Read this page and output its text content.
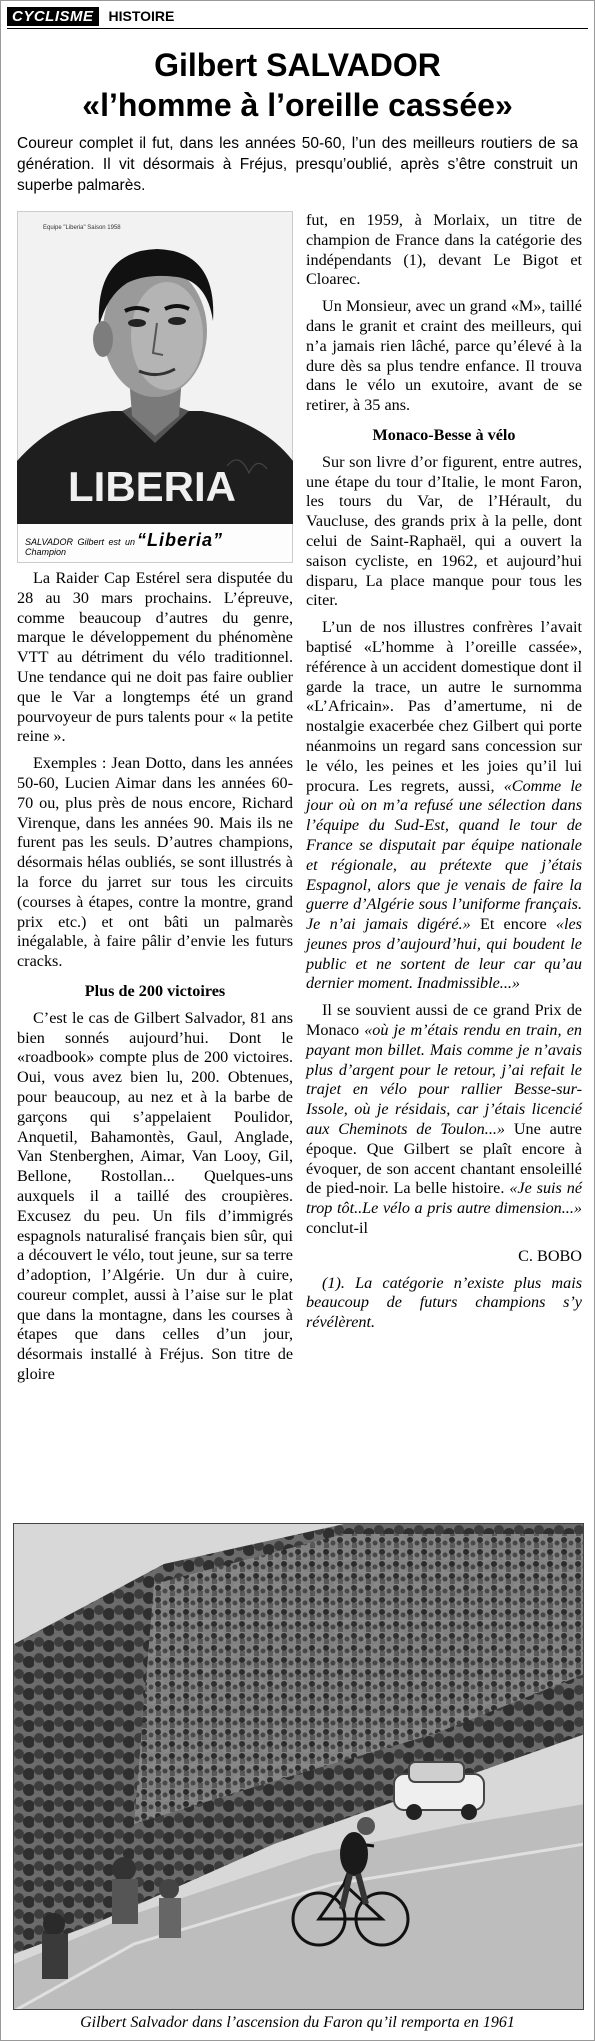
CYCLISME	HISTOIRE
Gilbert SALVADOR
«l’homme à l’oreille cassée»
Coureur complet il fut, dans les années 50-60, l’un des meilleurs routiers de sa génération. Il vit désormais à Fréjus, presqu’oublié, après s’être construit un superbe palmarès.
LIBERIA
Equipe "Liberia" Saison 1958
SALVADOR Gilbert est un Champion
“Liberia”

La Raider Cap Estérel sera disputée du 28 au 30 mars prochains. L’épreuve, comme beaucoup d’autres du genre, marque le développement du phénomène VTT au détriment du vélo traditionnel. Une tendance qui ne doit pas faire oublier que le Var a longtemps été un grand pourvoyeur de purs talents pour « la petite reine ».

Exemples : Jean Dotto, dans les années 50-60, Lucien Aimar dans les années 60-70 ou, plus près de nous encore, Richard Virenque, dans les années 90. Mais ils ne furent pas les seuls. D’autres champions, désormais hélas oubliés, se sont illustrés à la force du jarret sur tous les circuits (courses à étapes, contre la montre, grand prix etc.) et ont bâti un palmarès inégalable, à faire pâlir d’envie les futurs cracks.

Plus de 200 victoires

C’est le cas de Gilbert Salvador, 81 ans bien sonnés aujourd’hui. Dont le «roadbook» compte plus de 200 victoires. Oui, vous avez bien lu, 200. Obtenues, pour beaucoup, au nez et à la barbe de garçons qui s’appelaient Poulidor, Anquetil, Bahamontès, Gaul, Anglade, Van Stenberghen, Aimar, Van Looy, Gil, Bellone, Rostollan... Quelques-uns auxquels il a taillé des croupières. Excusez du peu. Un fils d’immigrés espagnols naturalisé français bien sûr, qui a découvert le vélo, tout jeune, sur sa terre d’adoption, l’Algérie. Un dur à cuire, coureur complet, aussi à l’aise sur le plat que dans la montagne, dans les courses à étapes que dans celles d’un jour, désormais installé à Fréjus. Son titre de gloire

fut, en 1959, à Morlaix, un titre de champion de France dans la catégorie des indépendants (1), devant Le Bigot et Cloarec.

Un Monsieur, avec un grand «M», taillé dans le granit et craint des meilleurs, qui n’a jamais rien lâché, parce qu’élevé à la dure dès sa plus tendre enfance. Il trouva dans le vélo un exutoire, avant de se retirer, à 35 ans.

Monaco-Besse à vélo

Sur son livre d’or figurent, entre autres, une étape du tour d’Italie, le mont Faron, les tours du Var, de l’Hérault, du Vaucluse, des grands prix à la pelle, dont celui de Saint-Raphaël, qui a ouvert la saison cycliste, en 1962, et aujourd’hui disparu, La place manque pour tous les citer.

L’un de nos illustres confrères l’avait baptisé «L’homme à l’oreille cassée», référence à un accident domestique dont il garde la trace, un autre le surnomma «L’Africain». Pas d’amertume, ni de nostalgie exacerbée chez Gilbert qui porte néanmoins un regard sans concession sur le vélo, les peines et les joies qu’il lui procura. Les regrets, aussi, «Comme le jour où on m’a refusé une sélection dans l’équipe du Sud-Est, quand le tour de France se disputait par équipe nationale et régionale, au prétexte que j’étais Espagnol, alors que je venais de faire la guerre d’Algérie sous l’uniforme français. Je n’ai jamais digéré.» Et encore «les jeunes pros d’aujourd’hui, qui boudent le public et ne sortent de leur car qu’au dernier moment. Inadmissible...»

Il se souvient aussi de ce grand Prix de Monaco «où je m’étais rendu en train, en payant mon billet. Mais comme je n’avais plus d’argent pour le retour, j’ai refait le trajet en vélo pour rallier Besse-sur-Issole, où je résidais, car j’étais licencié aux Cheminots de Toulon...» Une autre époque. Que Gilbert se plaît encore à évoquer, de son accent chantant ensoleillé de pied-noir. La belle histoire. «Je suis né trop tôt..Le vélo a pris autre dimension...» conclut-il

C. BOBO

(1). La catégorie n’existe plus mais beaucoup de futurs champions s’y révélèrent.

Gilbert Salvador dans l’ascension du Faron qu’il remporta en 1961
